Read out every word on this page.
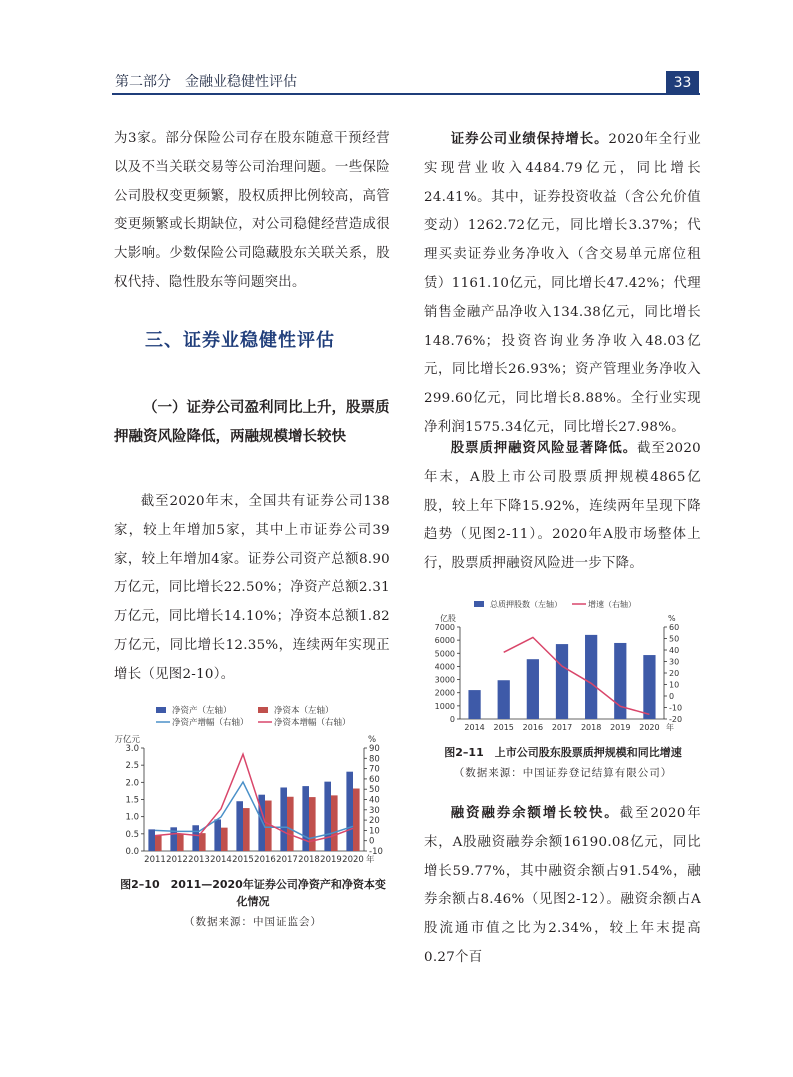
第二部分　金融业稳健性评估	33

为3家。部分保险公司存在股东随意干预经营以及不当关联交易等公司治理问题。一些保险公司股权变更频繁，股权质押比例较高，高管变更频繁或长期缺位，对公司稳健经营造成很大影响。少数保险公司隐藏股东关联关系，股权代持、隐性股东等问题突出。

三、证券业稳健性评估
（一）证券公司盈利同比上升，股票质押融资风险降低，两融规模增长较快

截至2020年末，全国共有证券公司138家，较上年增加5家，其中上市证券公司39家，较上年增加4家。证券公司资产总额8.90万亿元，同比增长22.50%；净资产总额2.31万亿元，同比增长14.10%；净资本总额1.82万亿元，同比增长12.35%，连续两年实现正增长（见图2-10）。

证券公司业绩保持增长。2020年全行业实现营业收入4484.79亿元，同比增长24.41%。其中，证券投资收益（含公允价值变动）1262.72亿元，同比增长3.37%；代理买卖证券业务净收入（含交易单元席位租赁）1161.10亿元，同比增长47.42%；代理销售金融产品净收入134.38亿元，同比增长148.76%；投资咨询业务净收入48.03亿元，同比增长26.93%；资产管理业务净收入299.60亿元，同比增长8.88%。全行业实现净利润1575.34亿元，同比增长27.98%。

股票质押融资风险显著降低。截至2020年末，A股上市公司股票质押规模4865亿股，较上年下降15.92%，连续两年呈现下降趋势（见图2-11）。2020年A股市场整体上行，股票质押融资风险进一步下降。

融资融券余额增长较快。截至2020年末，A股融资融券余额16190.08亿元，同比增长59.77%，其中融资余额占91.54%，融券余额占8.46%（见图2-12）。融资余额占A股流通市值之比为2.34%，较上年末提高0.27个百

净资产（左轴）	净资本（左轴）
净资产增幅（右轴）	净资本增幅（右轴）
万亿元	%
0.0
0.5
1.0
1.5
2.0
2.5
3.0
-10
0
10
20
30
40
50
60
70
80
90
2011 2012 2013 2014 2015 2016 2017 2018 2019 2020 年
图2–10　2011—2020年证券公司净资产和净资本变
化情况
（数据来源：中国证监会）
总质押股数（左轴）	增速（右轴）
亿股	%
0
1000
2000
3000
4000
5000
6000
7000
-20
-10
0
10
20
30
40
50
60
2014 2015 2016 2017 2018 2019 2020 年
图2–11　上市公司股东股票质押规模和同比增速
（数据来源：中国证券登记结算有限公司）
